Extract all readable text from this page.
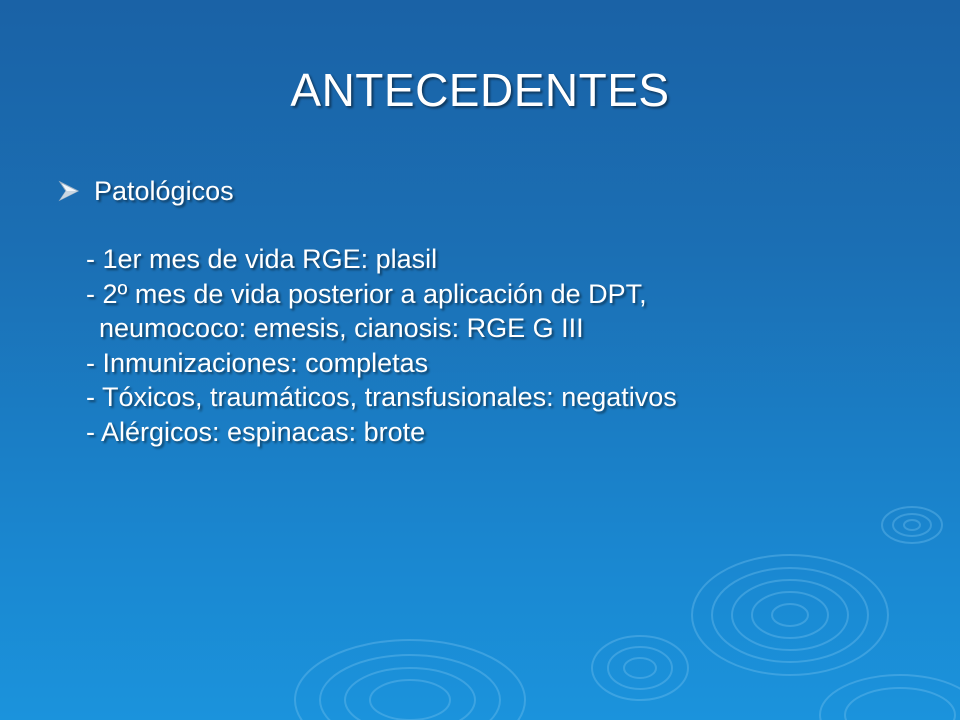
ANTECEDENTES
Patológicos
- 1er mes de vida RGE: plasil
- 2º mes de vida posterior a aplicación de DPT,
neumococo: emesis, cianosis: RGE G III
- Inmunizaciones: completas
- Tóxicos, traumáticos, transfusionales: negativos
- Alérgicos: espinacas: brote
